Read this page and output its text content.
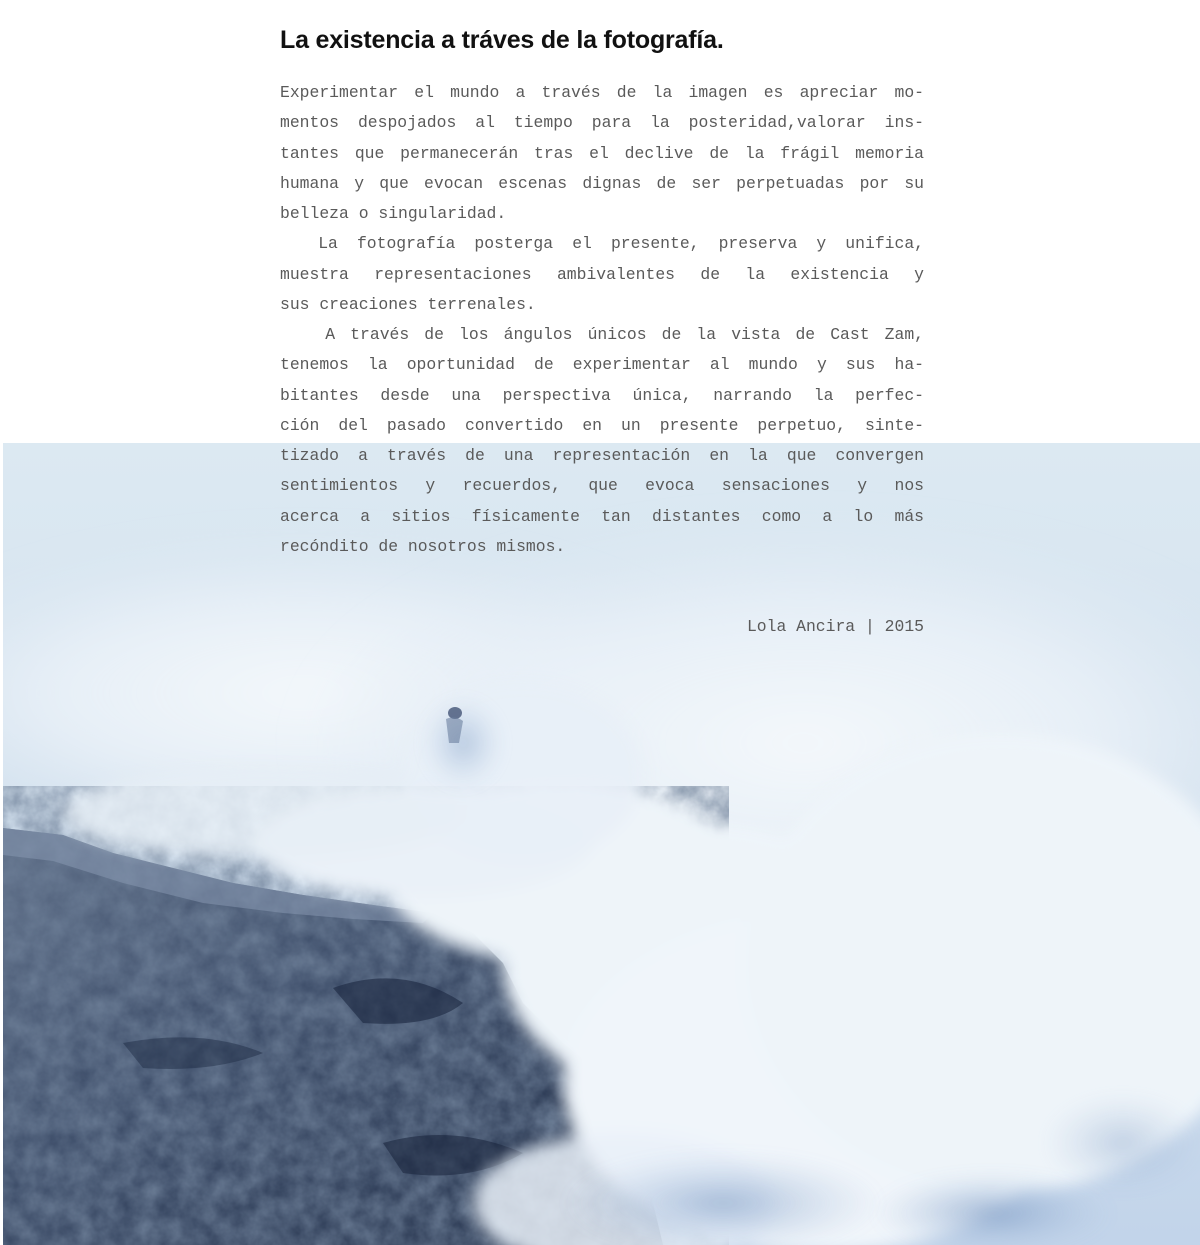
La existencia a tráves de la fotografía.

Experimentar el mundo a través de la imagen es apreciar mo-
mentos despojados al tiempo para la posteridad,valorar ins-
tantes que permanecerán tras el declive de la frágil memoria
humana y que evocan escenas dignas de ser perpetuadas por su
belleza o singularidad.

La fotografía posterga el presente, preserva y unifica,
muestra representaciones ambivalentes de la existencia y
sus creaciones terrenales.

A través de los ángulos únicos de la vista de Cast Zam,
tenemos la oportunidad de experimentar al mundo y sus ha-
bitantes desde una perspectiva única, narrando la perfec-
ción del pasado convertido en un presente perpetuo, sinte-
tizado a través de una representación en la que convergen
sentimientos y recuerdos, que evoca sensaciones y nos
acerca a sitios físicamente tan distantes como a lo más
recóndito de nosotros mismos.

Lola Ancira | 2015
